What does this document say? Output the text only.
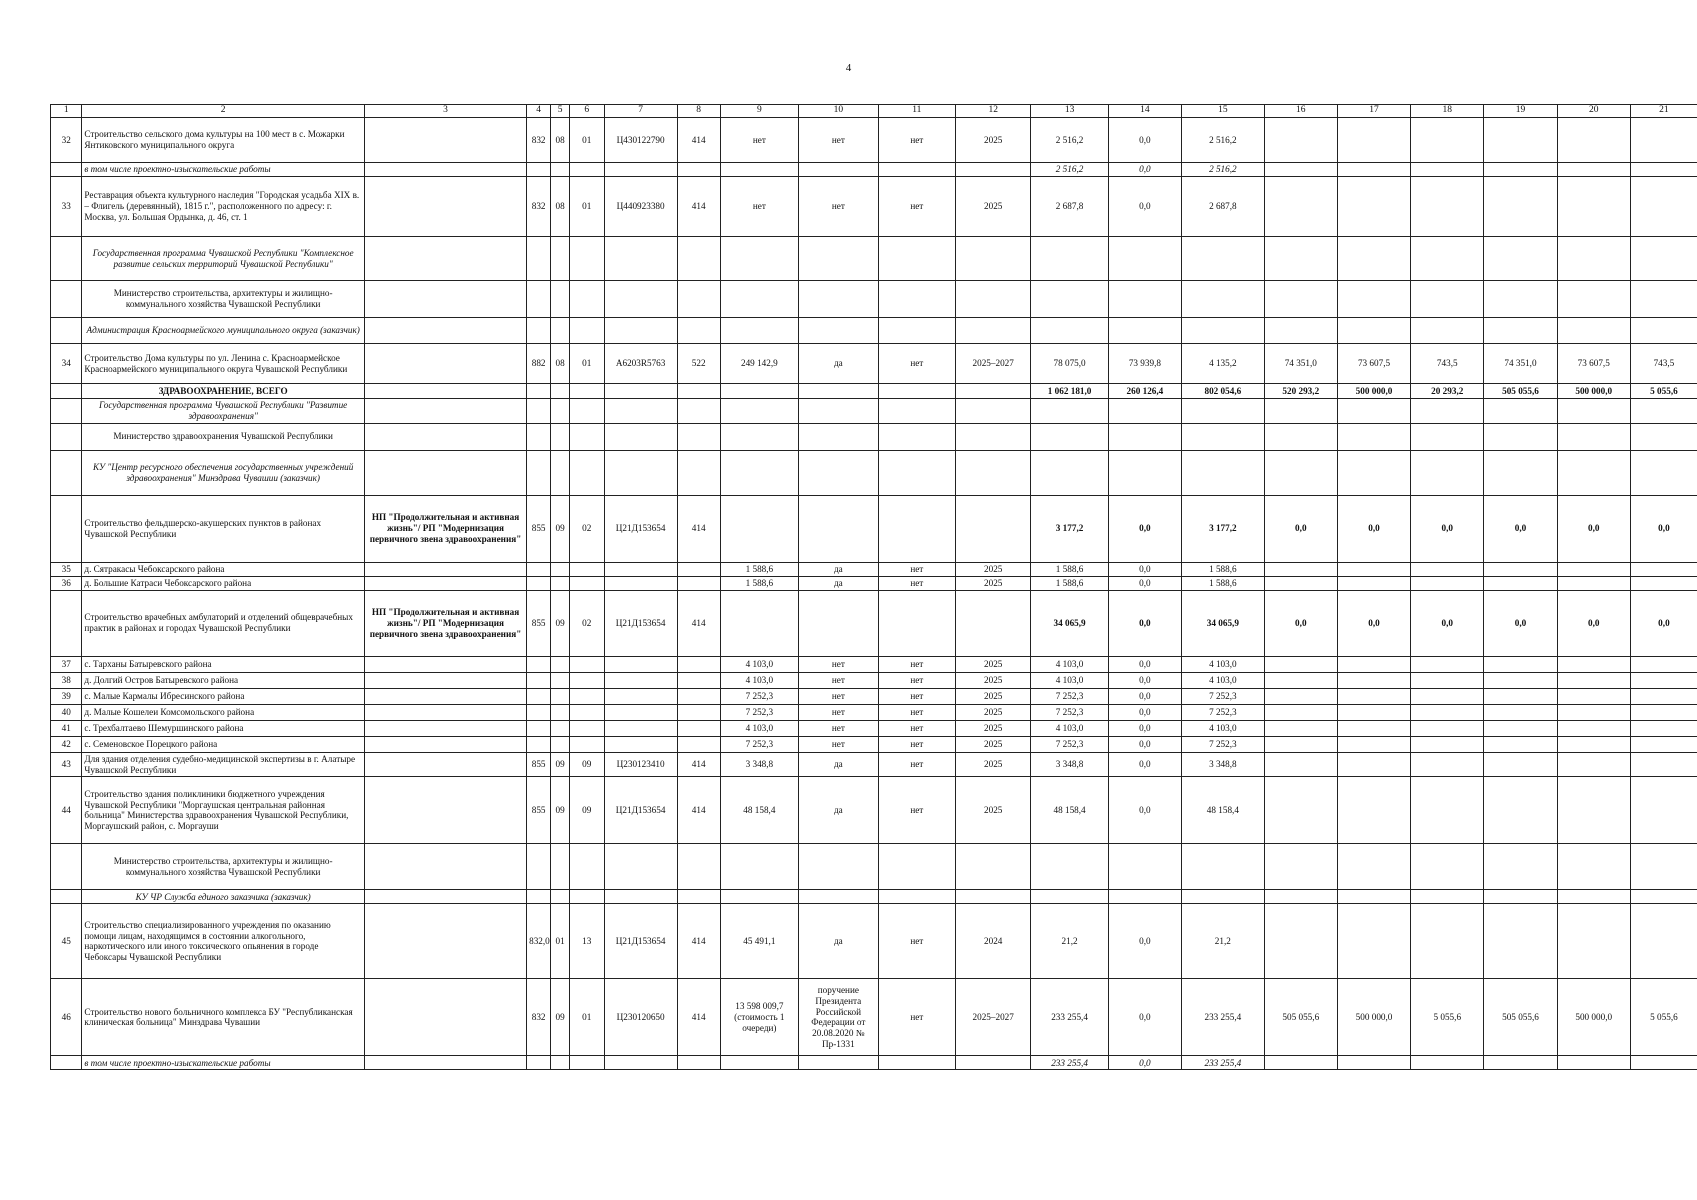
4
1	2	3	4	5	6	7	8	9	10	11	12	13	14	15	16	17	18	19	20	21
32	Строительство сельского дома культуры на 100 мест в с. Можарки Янтиковского муниципального округа		832	08	01	Ц430122790	414	нет	нет	нет	2025	2 516,2	0,0	2 516,2						
	в том числе проектно-изыскательские работы											2 516,2	0,0	2 516,2						
33	Реставрация объекта культурного наследия "Городская усадьба XIX в. – Флигель (деревянный), 1815 г.", расположенного по адресу: г. Москва, ул. Большая Ордынка, д. 46, ст. 1		832	08	01	Ц440923380	414	нет	нет	нет	2025	2 687,8	0,0	2 687,8						
	Государственная программа Чувашской Республики "Комплексное развитие сельских территорий Чувашской Республики"																			
	Министерство строительства, архитектуры и жилищно-коммунального хозяйства Чувашской Республики																			
	Администрация Красноармейского муниципального округа (заказчик)																			
34	Строительство Дома культуры по ул. Ленина с. Красноармейское Красноармейского муниципального округа Чувашской Республики		882	08	01	А6203R5763	522	249 142,9	да	нет	2025–2027	78 075,0	73 939,8	4 135,2	74 351,0	73 607,5	743,5	74 351,0	73 607,5	743,5
	ЗДРАВООХРАНЕНИЕ, ВСЕГО											1 062 181,0	260 126,4	802 054,6	520 293,2	500 000,0	20 293,2	505 055,6	500 000,0	5 055,6
	Государственная программа Чувашской Республики "Развитие здравоохранения"																			
	Министерство здравоохранения Чувашской Республики																			
	КУ "Центр ресурсного обеспечения государственных учреждений здравоохранения" Минздрава Чувашии (заказчик)																			
	Строительство фельдшерско-акушерских пунктов в районах Чувашской Республики	НП "Продолжительная и активная жизнь"/ РП "Модернизация первичного звена здравоохранения"	855	09	02	Ц21Д153654	414					3 177,2	0,0	3 177,2	0,0	0,0	0,0	0,0	0,0	0,0
35	д. Сятракасы Чебоксарского района							1 588,6	да	нет	2025	1 588,6	0,0	1 588,6						
36	д. Большие Катраси Чебоксарского района							1 588,6	да	нет	2025	1 588,6	0,0	1 588,6						
	Строительство врачебных амбулаторий и отделений общеврачебных практик в районах и городах Чувашской Республики	НП "Продолжительная и активная жизнь"/ РП "Модернизация первичного звена здравоохранения"	855	09	02	Ц21Д153654	414					34 065,9	0,0	34 065,9	0,0	0,0	0,0	0,0	0,0	0,0
37	с. Тарханы Батыревского района							4 103,0	нет	нет	2025	4 103,0	0,0	4 103,0						
38	д. Долгий Остров Батыревского района							4 103,0	нет	нет	2025	4 103,0	0,0	4 103,0						
39	с. Малые Кармалы Ибресинского района							7 252,3	нет	нет	2025	7 252,3	0,0	7 252,3						
40	д. Малые Кошелеи Комсомольского района							7 252,3	нет	нет	2025	7 252,3	0,0	7 252,3						
41	с. Трехбалтаево Шемуршинского района							4 103,0	нет	нет	2025	4 103,0	0,0	4 103,0						
42	с. Семеновское Порецкого района							7 252,3	нет	нет	2025	7 252,3	0,0	7 252,3						
43	Для здания отделения судебно-медицинской экспертизы в г. Алатыре Чувашской Республики		855	09	09	Ц230123410	414	3 348,8	да	нет	2025	3 348,8	0,0	3 348,8						
44	Строительство здания поликлиники бюджетного учреждения Чувашской Республики "Моргаушская центральная районная больница" Министерства здравоохранения Чувашской Республики, Моргаушский район, с. Моргауши		855	09	09	Ц21Д153654	414	48 158,4	да	нет	2025	48 158,4	0,0	48 158,4						
	Министерство строительства, архитектуры и жилищно-коммунального хозяйства Чувашской Республики																			
	КУ ЧР Служба единого заказчика (заказчик)																			
45	Строительство специализированного учреждения по оказанию помощи лицам, находящимся в состоянии алкогольного, наркотического или иного токсического опьянения в городе Чебоксары Чувашской Республики		832,0	01	13	Ц21Д153654	414	45 491,1	да	нет	2024	21,2	0,0	21,2						
46	Строительство нового больничного комплекса БУ "Республиканская клиническая больница" Минздрава Чувашии		832	09	01	Ц230120650	414	13 598 009,7 (стоимость 1 очереди)	поручение Президента Российской Федерации от 20.08.2020 № Пр-1331	нет	2025–2027	233 255,4	0,0	233 255,4	505 055,6	500 000,0	5 055,6	505 055,6	500 000,0	5 055,6
	в том числе проектно-изыскательские работы											233 255,4	0,0	233 255,4						
